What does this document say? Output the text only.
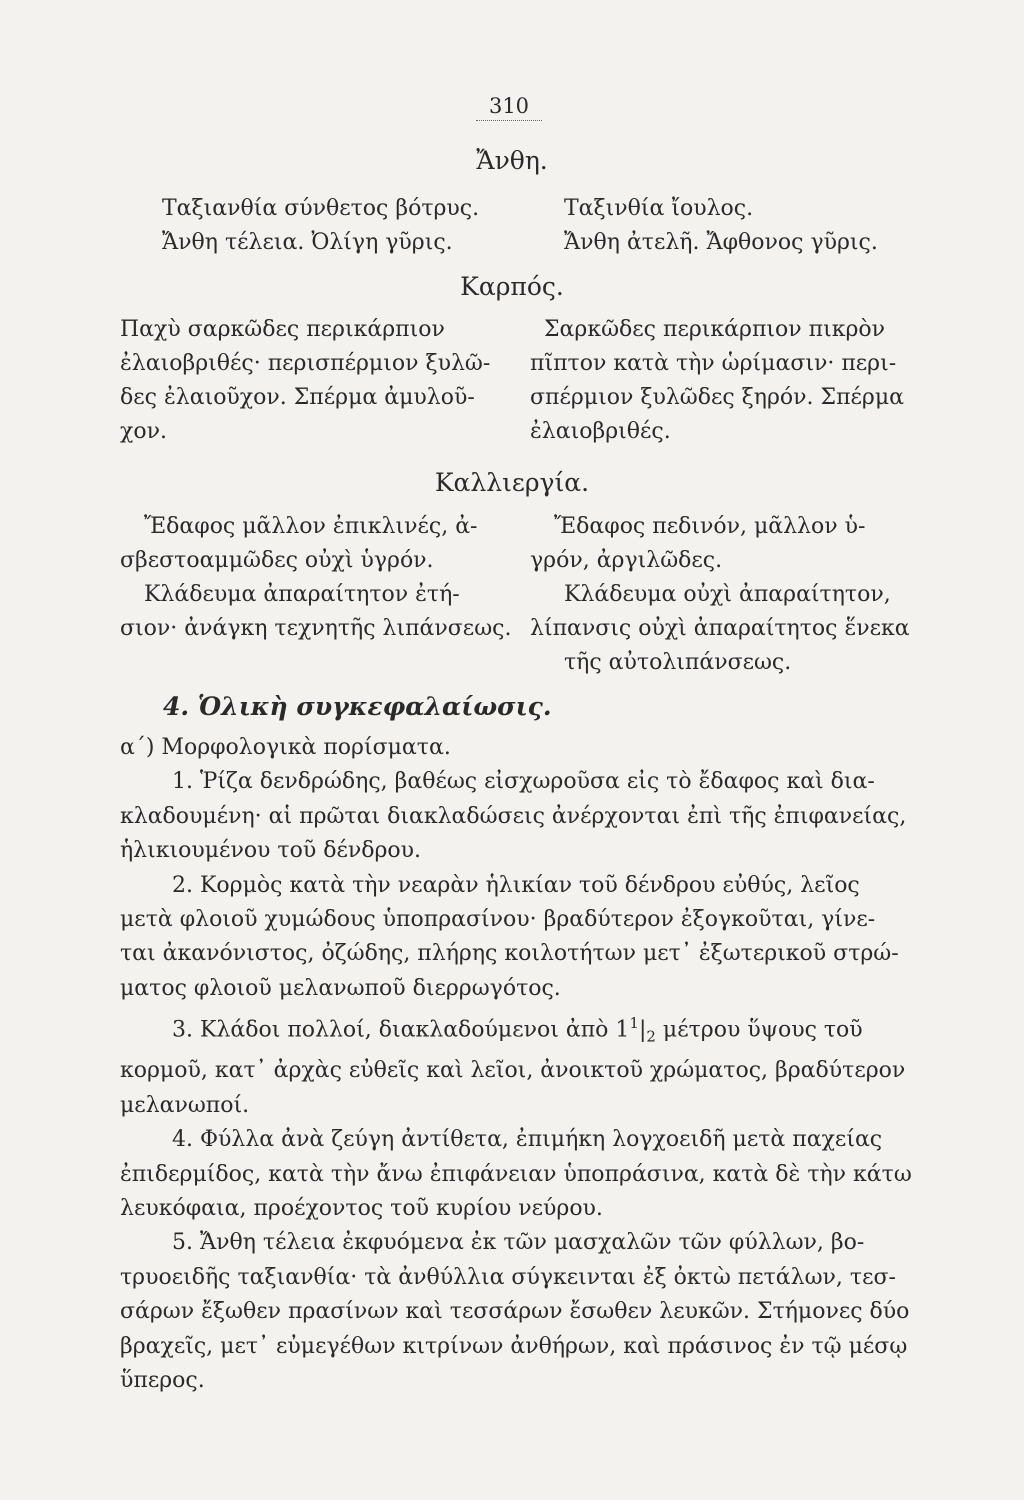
310
Ἄνθη.
Ταξιανθία σύνθετος βότρυς.
Ἄνθη τέλεια. Ὀλίγη γῦρις.
Ταξινθία ἴουλος.
Ἄνθη ἀτελῆ. Ἄφθονος γῦρις.
Καρπός.
Παχὺ σαρκῶδες περικάρπιον
ἐλαιοβριθές· περισπέρμιον ξυλῶ-
δες ἐλαιοῦχον. Σπέρμα ἀμυλοῦ-
χον.
Σαρκῶδες περικάρπιον πικρὸν
πῖπτον κατὰ τὴν ὡρίμασιν· περι-
σπέρμιον ξυλῶδες ξηρόν. Σπέρμα
ἐλαιοβριθές.
Καλλιεργία.
Ἔδαφος μᾶλλον ἐπικλινές, ἀ-
σβεστοαμμῶδες οὐχὶ ὑγρόν.
Κλάδευμα ἀπαραίτητον ἐτή-
σιον· ἀνάγκη τεχνητῆς λιπάνσεως.
Ἔδαφος πεδινόν, μᾶλλον ὑ-
γρόν, ἀργιλῶδες.
Κλάδευμα οὐχὶ ἀπαραίτητον,
λίπανσις οὐχὶ ἀπαραίτητος ἕνεκα
τῆς αὐτολιπάνσεως.
4. Ὁλικὴ συγκεφαλαίωσις.
α΄) Μορφολογικὰ πορίσματα.
1. Ῥίζα δενδρώδης, βαθέως εἰσχωροῦσα εἰς τὸ ἔδαφος καὶ δια-
κλαδουμένη· αἱ πρῶται διακλαδώσεις ἀνέρχονται ἐπὶ τῆς ἐπιφανείας,
ἡλικιουμένου τοῦ δένδρου.
2. Κορμὸς κατὰ τὴν νεαρὰν ἡλικίαν τοῦ δένδρου εὐθύς, λεῖος
μετὰ φλοιοῦ χυμώδους ὑποπρασίνου· βραδύτερον ἐξογκοῦται, γίνε-
ται ἀκανόνιστος, ὀζώδης, πλήρης κοιλοτήτων μετ᾽ ἐξωτερικοῦ στρώ-
ματος φλοιοῦ μελανωποῦ διερρωγότος.
3. Κλάδοι πολλοί, διακλαδούμενοι ἀπὸ $1^1|_2$ μέτρου ὕψους τοῦ
κορμοῦ, κατ᾽ ἀρχὰς εὐθεῖς καὶ λεῖοι, ἀνοικτοῦ χρώματος, βραδύτερον
μελανωποί.
4. Φύλλα ἀνὰ ζεύγη ἀντίθετα, ἐπιμήκη λογχοειδῆ μετὰ παχείας
ἐπιδερμίδος, κατὰ τὴν ἄνω ἐπιφάνειαν ὑποπράσινα, κατὰ δὲ τὴν κάτω
λευκόφαια, προέχοντος τοῦ κυρίου νεύρου.
5. Ἄνθη τέλεια ἐκφυόμενα ἐκ τῶν μασχαλῶν τῶν φύλλων, βο-
τρυοειδῆς ταξιανθία· τὰ ἀνθύλλια σύγκεινται ἐξ ὀκτὼ πετάλων, τεσ-
σάρων ἔξωθεν πρασίνων καὶ τεσσάρων ἔσωθεν λευκῶν. Στήμονες δύο
βραχεῖς, μετ᾽ εὐμεγέθων κιτρίνων ἀνθήρων, καὶ πράσινος ἐν τῷ μέσῳ
ὕπερος.
